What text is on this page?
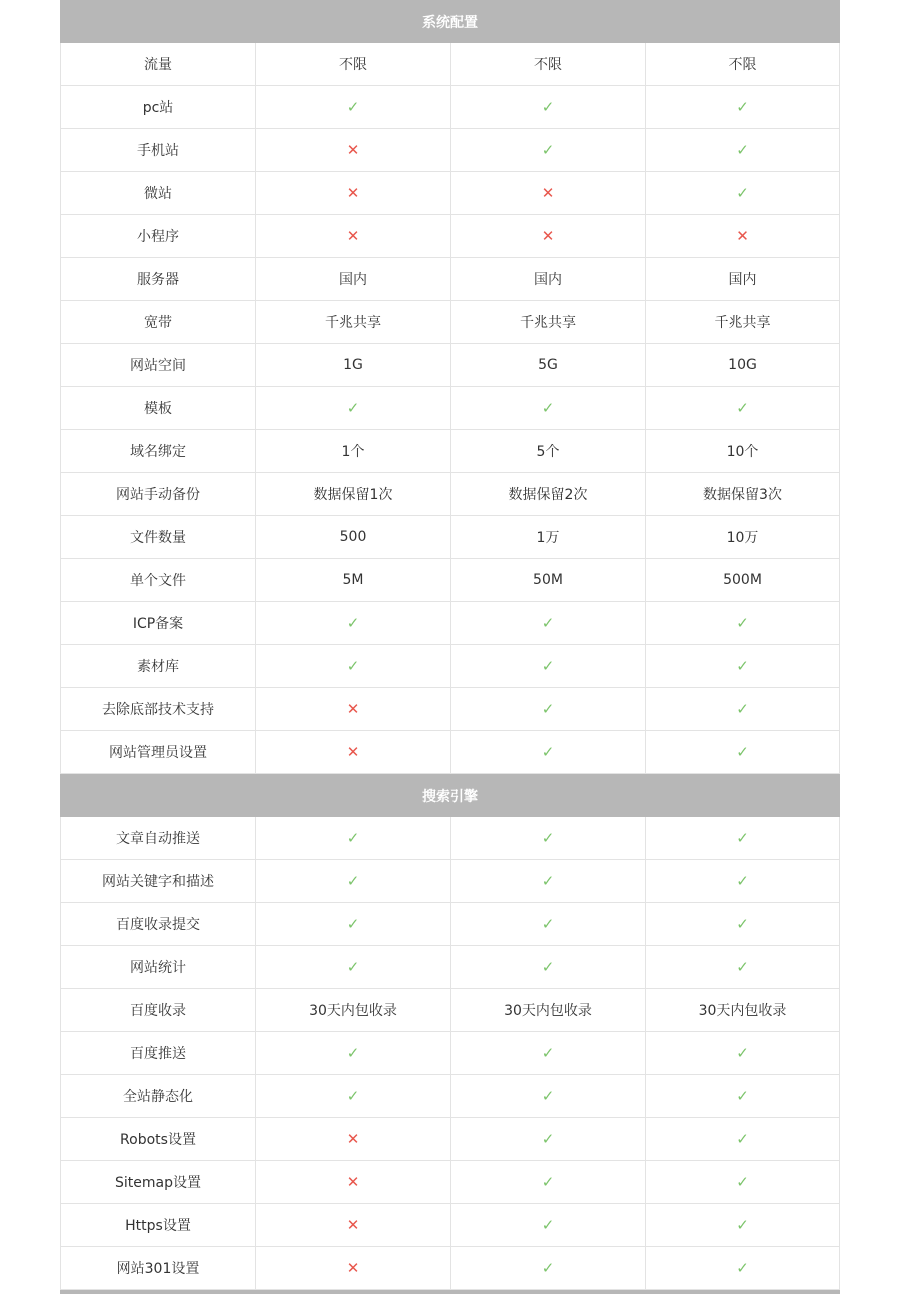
系统配置
流量	不限	不限	不限
pc站	✓	✓	✓
手机站	✕	✓	✓
微站	✕	✕	✓
小程序	✕	✕	✕
服务器	国内	国内	国内
宽带	千兆共享	千兆共享	千兆共享
网站空间	1G	5G	10G
模板	✓	✓	✓
域名绑定	1个	5个	10个
网站手动备份	数据保留1次	数据保留2次	数据保留3次
文件数量	500	1万	10万
单个文件	5M	50M	500M
ICP备案	✓	✓	✓
素材库	✓	✓	✓
去除底部技术支持	✕	✓	✓
网站管理员设置	✕	✓	✓
搜索引擎
文章自动推送	✓	✓	✓
网站关键字和描述	✓	✓	✓
百度收录提交	✓	✓	✓
网站统计	✓	✓	✓
百度收录	30天内包收录	30天内包收录	30天内包收录
百度推送	✓	✓	✓
全站静态化	✓	✓	✓
Robots设置	✕	✓	✓
Sitemap设置	✕	✓	✓
Https设置	✕	✓	✓
网站301设置	✕	✓	✓
